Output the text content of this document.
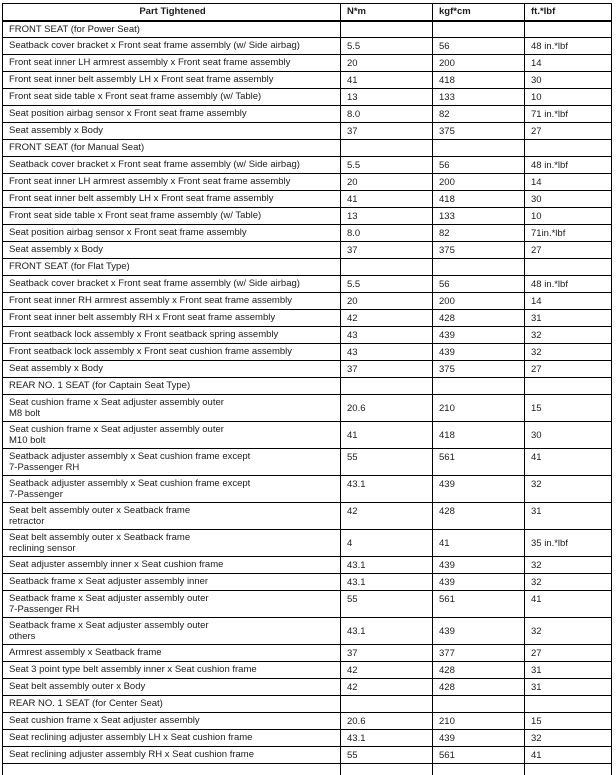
Part Tightened	N*m	kgf*cm	ft.*lbf

FRONT SEAT (for Power Seat)			

Seatback cover bracket x Front seat frame assembly (w/ Side airbag)	5.5	56	48 in.*lbf

Front seat inner LH armrest assembly x Front seat frame assembly	20	200	14

Front seat inner belt assembly LH x Front seat frame assembly	41	418	30

Front seat side table x Front seat frame assembly (w/ Table)	13	133	10

Seat position airbag sensor x Front seat frame assembly	8.0	82	71 in.*lbf

Seat assembly x Body	37	375	27

FRONT SEAT (for Manual Seat)			

Seatback cover bracket x Front seat frame assembly (w/ Side airbag)	5.5	56	48 in.*lbf

Front seat inner LH armrest assembly x Front seat frame assembly	20	200	14

Front seat inner belt assembly LH x Front seat frame assembly	41	418	30

Front seat side table x Front seat frame assembly (w/ Table)	13	133	10

Seat position airbag sensor x Front seat frame assembly	8.0	82	71in.*lbf

Seat assembly x Body	37	375	27

FRONT SEAT (for Flat Type)			

Seatback cover bracket x Front seat frame assembly (w/ Side airbag)	5.5	56	48 in.*lbf

Front seat inner RH armrest assembly x Front seat frame assembly	20	200	14

Front seat inner belt assembly RH x Front seat frame assembly	42	428	31

Front seatback lock assembly x Front seatback spring assembly	43	439	32

Front seatback lock assembly x Front seat cushion frame assembly	43	439	32

Seat assembly x Body	37	375	27

REAR NO. 1 SEAT (for Captain Seat Type)			

Seat cushion frame x Seat adjuster assembly outer
M8 bolt	20.6	210	15

Seat cushion frame x Seat adjuster assembly outer
M10 bolt	41	418	30

Seatback adjuster assembly x Seat cushion frame except
7-Passenger RH	55	561	41

Seatback adjuster assembly x Seat cushion frame except
7-Passenger	43.1	439	32

Seat belt assembly outer x Seatback frame
retractor	42	428	31

Seat belt assembly outer x Seatback frame
reclining sensor	4	41	35 in.*lbf

Seat adjuster assembly inner x Seat cushion frame	43.1	439	32

Seatback frame x Seat adjuster assembly inner	43.1	439	32

Seatback frame x Seat adjuster assembly outer
7-Passenger RH	55	561	41

Seatback frame x Seat adjuster assembly outer
others	43.1	439	32

Armrest assembly x Seatback frame	37	377	27

Seat 3 point type belt assembly inner x Seat cushion frame	42	428	31

Seat belt assembly outer x Body	42	428	31

REAR NO. 1 SEAT (for Center Seat)			

Seat cushion frame x Seat adjuster assembly	20.6	210	15

Seat reclining adjuster assembly LH x Seat cushion frame	43.1	439	32

Seat reclining adjuster assembly RH x Seat cushion frame	55	561	41
